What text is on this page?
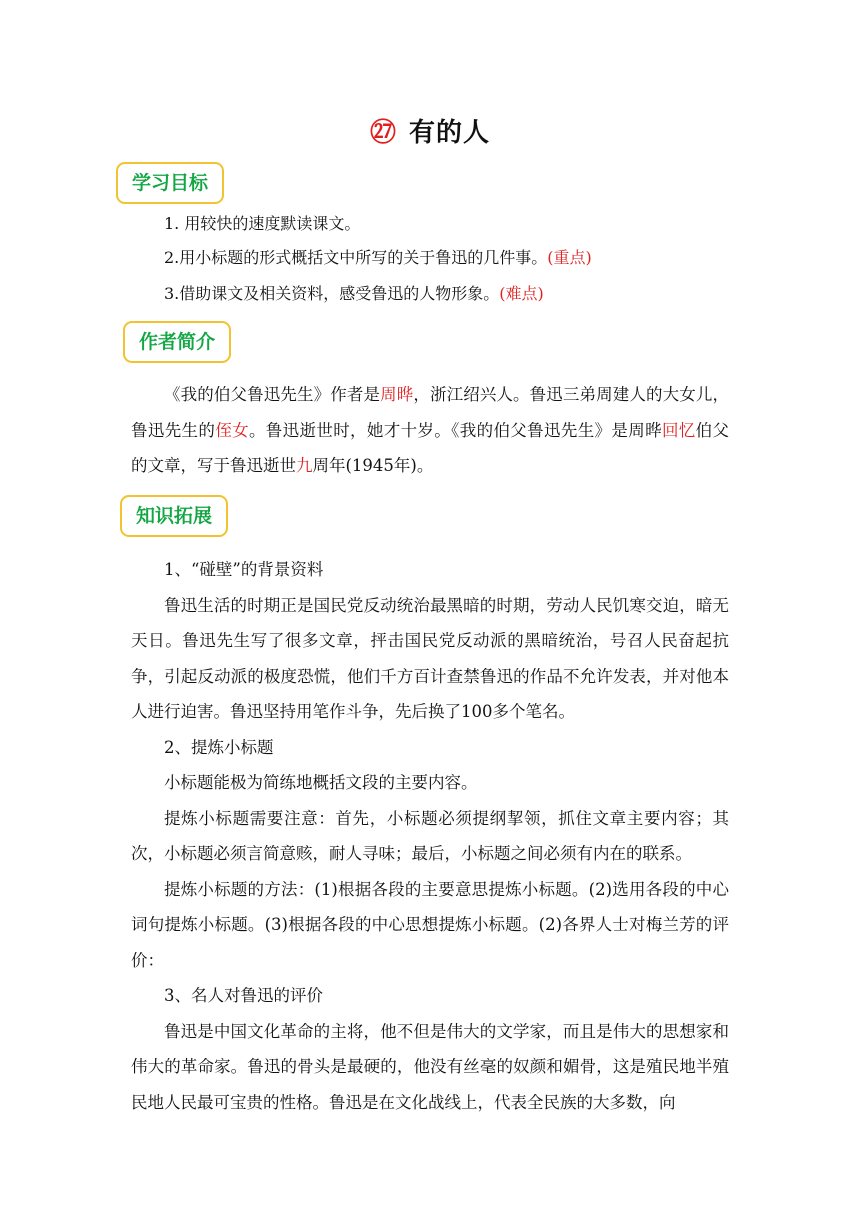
㉗ 有的人
学习目标
1. 用较快的速度默读课文。
2.用小标题的形式概括文中所写的关于鲁迅的几件事。(重点)
3.借助课文及相关资料，感受鲁迅的人物形象。(难点)
作者简介

《我的伯父鲁迅先生》作者是周晔，浙江绍兴人。鲁迅三弟周建人的大女儿，鲁迅先生的侄女。鲁迅逝世时，她才十岁。《我的伯父鲁迅先生》是周晔回忆伯父的文章，写于鲁迅逝世九周年(1945年)。

知识拓展

1、“碰壁”的背景资料

鲁迅生活的时期正是国民党反动统治最黑暗的时期，劳动人民饥寒交迫，暗无天日。鲁迅先生写了很多文章，抨击国民党反动派的黑暗统治，号召人民奋起抗争，引起反动派的极度恐慌，他们千方百计查禁鲁迅的作品不允许发表，并对他本人进行迫害。鲁迅坚持用笔作斗争，先后换了100多个笔名。

2、提炼小标题

小标题能极为简练地概括文段的主要内容。

提炼小标题需要注意：首先，小标题必须提纲挈领，抓住文章主要内容；其次，小标题必须言简意赅，耐人寻味；最后，小标题之间必须有内在的联系。

提炼小标题的方法：(1)根据各段的主要意思提炼小标题。(2)选用各段的中心词句提炼小标题。(3)根据各段的中心思想提炼小标题。(2)各界人士对梅兰芳的评价：

3、名人对鲁迅的评价

鲁迅是中国文化革命的主将，他不但是伟大的文学家，而且是伟大的思想家和伟大的革命家。鲁迅的骨头是最硬的，他没有丝毫的奴颜和媚骨，这是殖民地半殖民地人民最可宝贵的性格。鲁迅是在文化战线上，代表全民族的大多数，向
